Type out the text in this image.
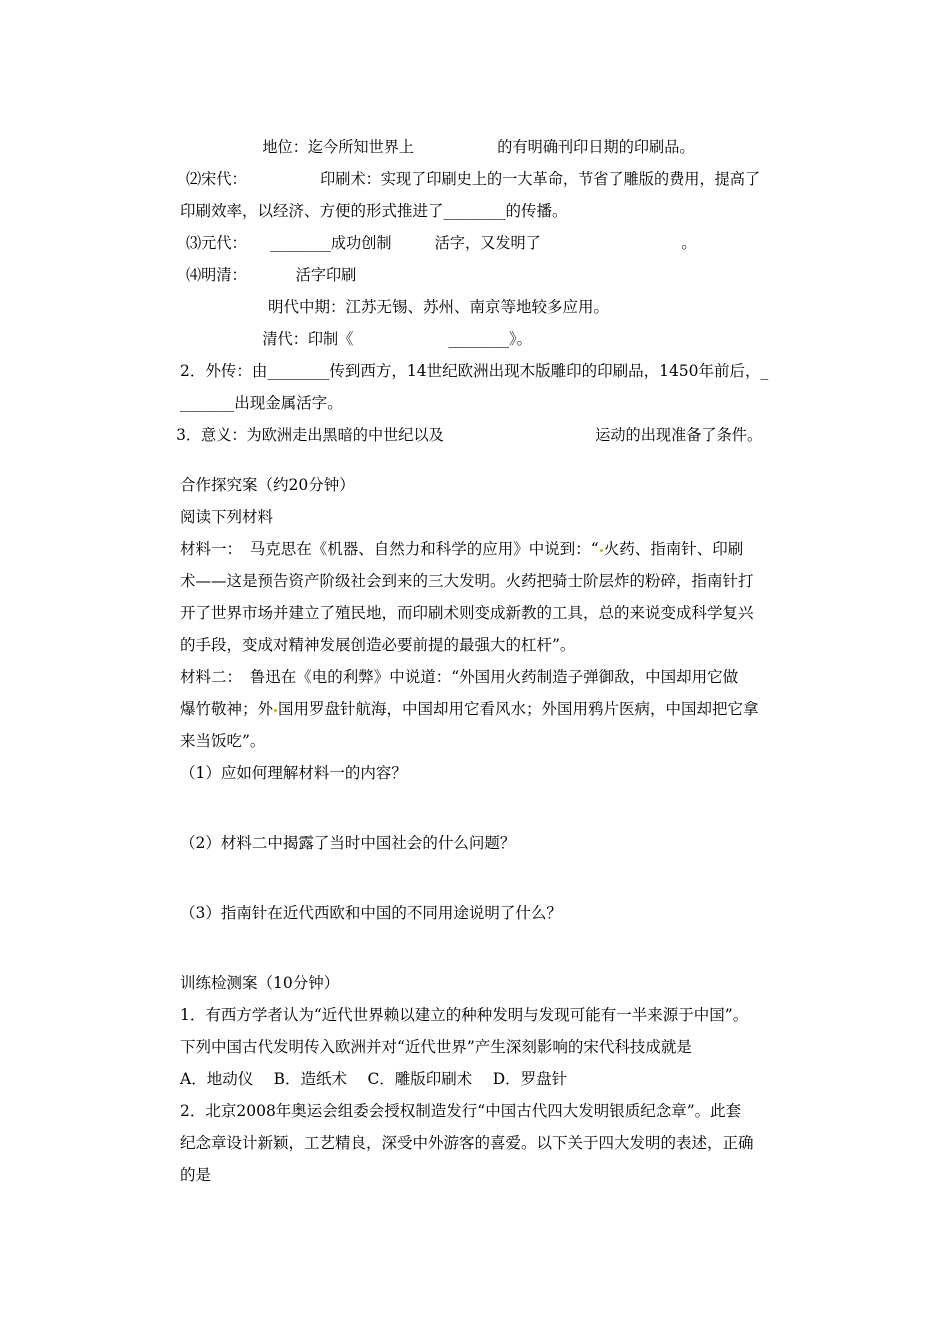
地位：迄今所知世界上	的有明确刊印日期的印刷品。
⑵宋代：	印刷术：实现了印刷史上的一大革命，节省了雕版的费用，提高了
印刷效率，以经济、方便的形式推进了________的传播。
⑶元代： ________成功创制	活字，又发明了	。
⑷明清：	活字印刷
明代中期：江苏无锡、苏州、南京等地较多应用。
清代：印制《	________》。
2．外传：由________传到西方，14世纪欧洲出现木版雕印的印刷品，1450年前后，_
_______出现金属活字。
3．意义：为欧洲走出黑暗的中世纪以及	运动的出现准备了条件。
合作探究案（约20分钟）
阅读下列材料
材料一：　马克思在《机器、自然力和科学的应用》中说到：“ 火药、指南针、印刷
术——这是预告资产阶级社会到来的三大发明。火药把骑士阶层炸的粉碎，指南针打
开了世界市场并建立了殖民地，而印刷术则变成新教的工具，总的来说变成科学复兴
的手段，变成对精神发展创造必要前提的最强大的杠杆”。
材料二：　鲁迅在《电的利弊》中说道：“外国用火药制造子弹御敌，中国却用它做
爆竹敬神；外 国用罗盘针航海，中国却用它看风水；外国用鸦片医病，中国却把它拿
来当饭吃”。
（1）应如何理解材料一的内容？
（2）材料二中揭露了当时中国社会的什么问题？
（3）指南针在近代西欧和中国的不同用途说明了什么？
训练检测案（10分钟）
1．有西方学者认为“近代世界赖以建立的种种发明与发现可能有一半来源于中国”。
下列中国古代发明传入欧洲并对“近代世界”产生深刻影响的宋代科技成就是
A．地动仪　 B．造纸术　 C．雕版印刷术　 D．罗盘针
2．北京2008年奥运会组委会授权制造发行“中国古代四大发明银质纪念章”。此套
纪念章设计新颖，工艺精良，深受中外游客的喜爱。以下关于四大发明的表述，正确
的是
